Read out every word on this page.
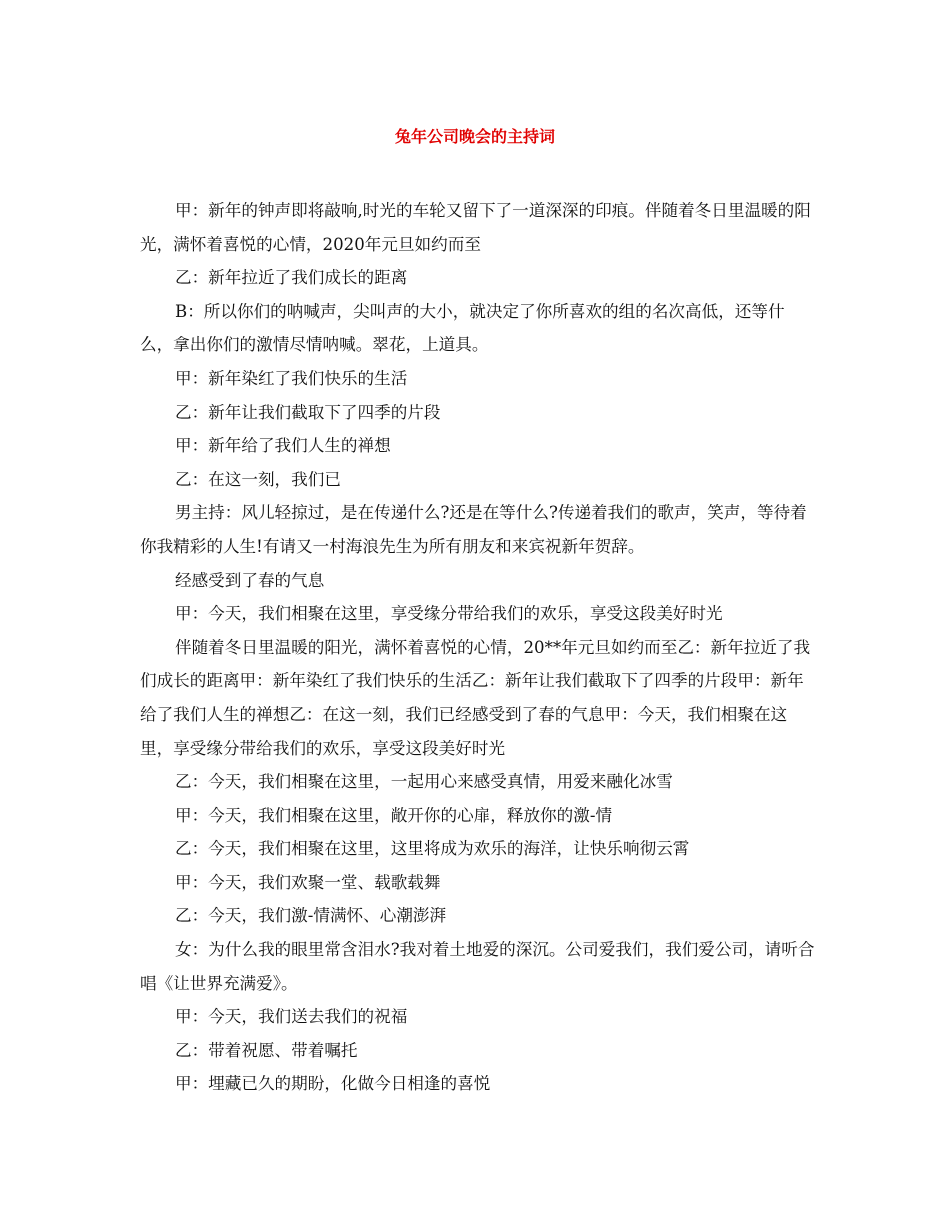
兔年公司晚会的主持词

甲：新年的钟声即将敲响,时光的车轮又留下了一道深深的印痕。伴随着冬日里温暖的阳光，满怀着喜悦的心情，2020年元旦如约而至

乙：新年拉近了我们成长的距离

B：所以你们的呐喊声，尖叫声的大小，就决定了你所喜欢的组的名次高低，还等什么，拿出你们的激情尽情呐喊。翠花，上道具。

甲：新年染红了我们快乐的生活

乙：新年让我们截取下了四季的片段

甲：新年给了我们人生的禅想

乙：在这一刻，我们已

男主持：风儿轻掠过，是在传递什么?还是在等什么?传递着我们的歌声，笑声，等待着你我精彩的人生!有请又一村海浪先生为所有朋友和来宾祝新年贺辞。

经感受到了春的气息

甲：今天，我们相聚在这里，享受缘分带给我们的欢乐，享受这段美好时光

伴随着冬日里温暖的阳光，满怀着喜悦的心情，20**年元旦如约而至乙：新年拉近了我们成长的距离甲：新年染红了我们快乐的生活乙：新年让我们截取下了四季的片段甲：新年给了我们人生的禅想乙：在这一刻，我们已经感受到了春的气息甲：今天，我们相聚在这里，享受缘分带给我们的欢乐，享受这段美好时光

乙：今天，我们相聚在这里，一起用心来感受真情，用爱来融化冰雪

甲：今天，我们相聚在这里，敞开你的心扉，释放你的激-情

乙：今天，我们相聚在这里，这里将成为欢乐的海洋，让快乐响彻云霄

甲：今天，我们欢聚一堂、载歌载舞

乙：今天，我们激-情满怀、心潮澎湃

女：为什么我的眼里常含泪水?我对着土地爱的深沉。公司爱我们，我们爱公司，请听合唱《让世界充满爱》。

甲：今天，我们送去我们的祝福

乙：带着祝愿、带着嘱托

甲：埋藏已久的期盼，化做今日相逢的喜悦
